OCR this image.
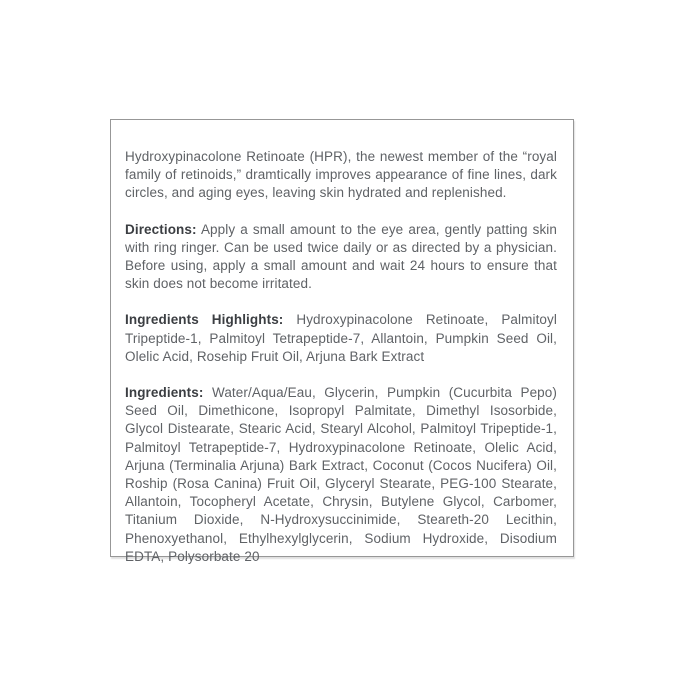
Hydroxypinacolone Retinoate (HPR), the newest member of the “royal family of retinoids,” dramtically improves appearance of fine lines, dark circles, and aging eyes, leaving skin hydrated and replenished.

Directions: Apply a small amount to the eye area, gently patting skin with ring ringer. Can be used twice daily or as directed by a physician. Before using, apply a small amount and wait 24 hours to ensure that skin does not become irritated.

Ingredients Highlights: Hydroxypinacolone Retinoate, Palmitoyl Tripeptide-1, Palmitoyl Tetrapeptide-7, Allantoin, Pumpkin Seed Oil, Olelic Acid, Rosehip Fruit Oil, Arjuna Bark Extract

Ingredients: Water/Aqua/Eau, Glycerin, Pumpkin (Cucurbita Pepo) Seed Oil, Dimethicone, Isopropyl Palmitate, Dimethyl Isosorbide, Glycol Distearate, Stearic Acid, Stearyl Alcohol, Palmitoyl Tripeptide-1, Palmitoyl Tetrapeptide-7, Hydroxypinacolone Retinoate, Olelic Acid, Arjuna (Terminalia Arjuna) Bark Extract, Coconut (Cocos Nucifera) Oil, Roship (Rosa Canina) Fruit Oil, Glyceryl Stearate, PEG-100 Stearate, Allantoin, Tocopheryl Acetate, Chrysin, Butylene Glycol, Carbomer, Titanium Dioxide, N-Hydroxysuccinimide, Steareth-20 Lecithin, Phenoxyethanol, Ethylhexylglycerin, Sodium Hydroxide, Disodium EDTA, Polysorbate 20
